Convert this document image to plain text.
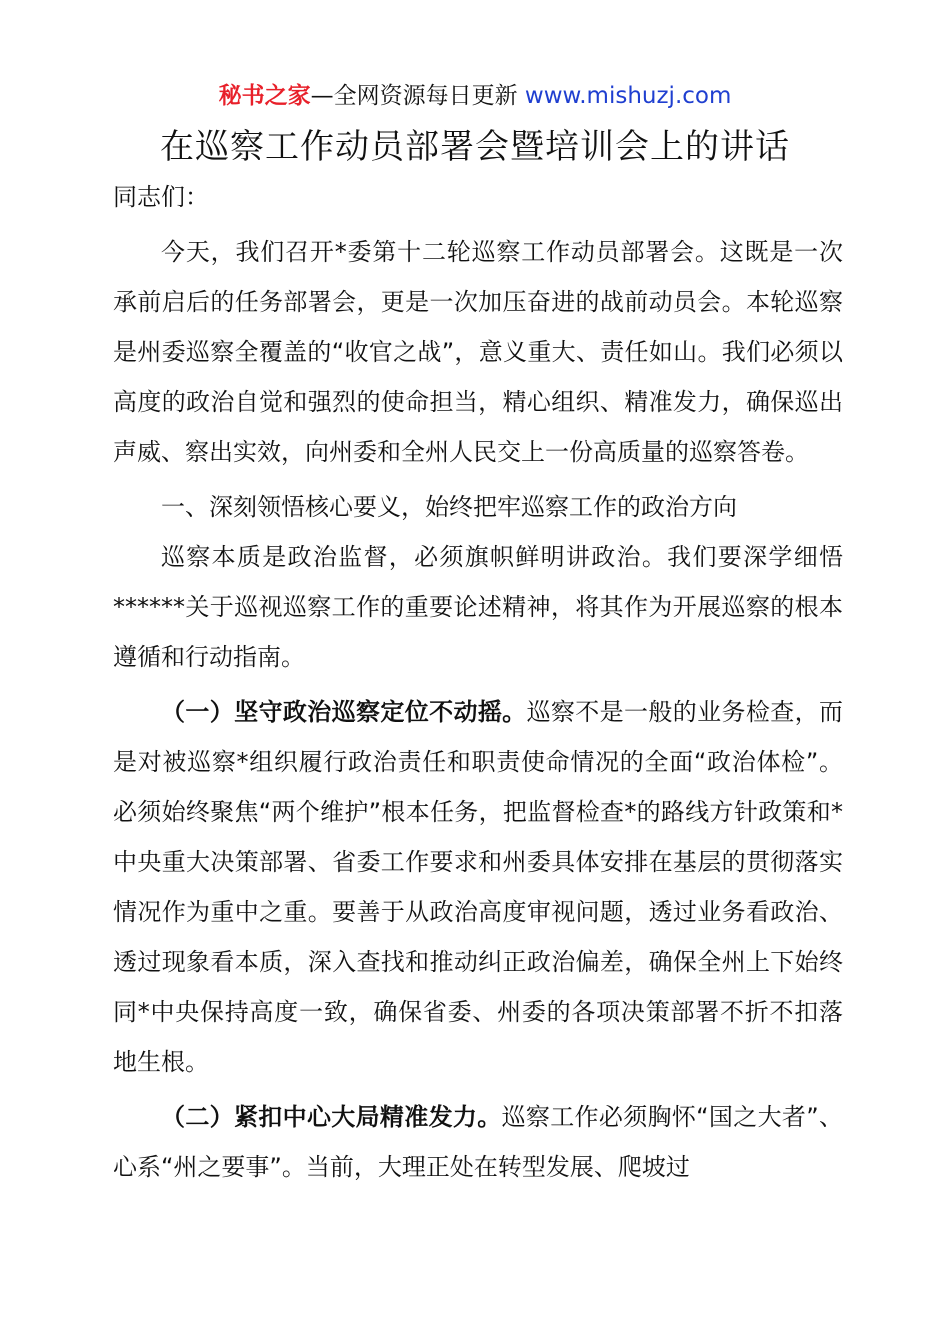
秘书之家—全网资源每日更新 www.mishuzj.com
在巡察工作动员部署会暨培训会上的讲话

同志们：

今天，我们召开*委第十二轮巡察工作动员部署会。这既是一次承前启后的任务部署会，更是一次加压奋进的战前动员会。本轮巡察是州委巡察全覆盖的“收官之战”，意义重大、责任如山。我们必须以高度的政治自觉和强烈的使命担当，精心组织、精准发力，确保巡出声威、察出实效，向州委和全州人民交上一份高质量的巡察答卷。

一、深刻领悟核心要义，始终把牢巡察工作的政治方向

巡察本质是政治监督，必须旗帜鲜明讲政治。我们要深学细悟******关于巡视巡察工作的重要论述精神，将其作为开展巡察的根本遵循和行动指南。

（一）坚守政治巡察定位不动摇。巡察不是一般的业务检查，而是对被巡察*组织履行政治责任和职责使命情况的全面“政治体检”。必须始终聚焦“两个维护”根本任务，把监督检查*的路线方针政策和*中央重大决策部署、省委工作要求和州委具体安排在基层的贯彻落实情况作为重中之重。要善于从政治高度审视问题，透过业务看政治、透过现象看本质，深入查找和推动纠正政治偏差，确保全州上下始终同*中央保持高度一致，确保省委、州委的各项决策部署不折不扣落地生根。

（二）紧扣中心大局精准发力。巡察工作必须胸怀“国之大者”、心系“州之要事”。当前，大理正处在转型发展、爬坡过
